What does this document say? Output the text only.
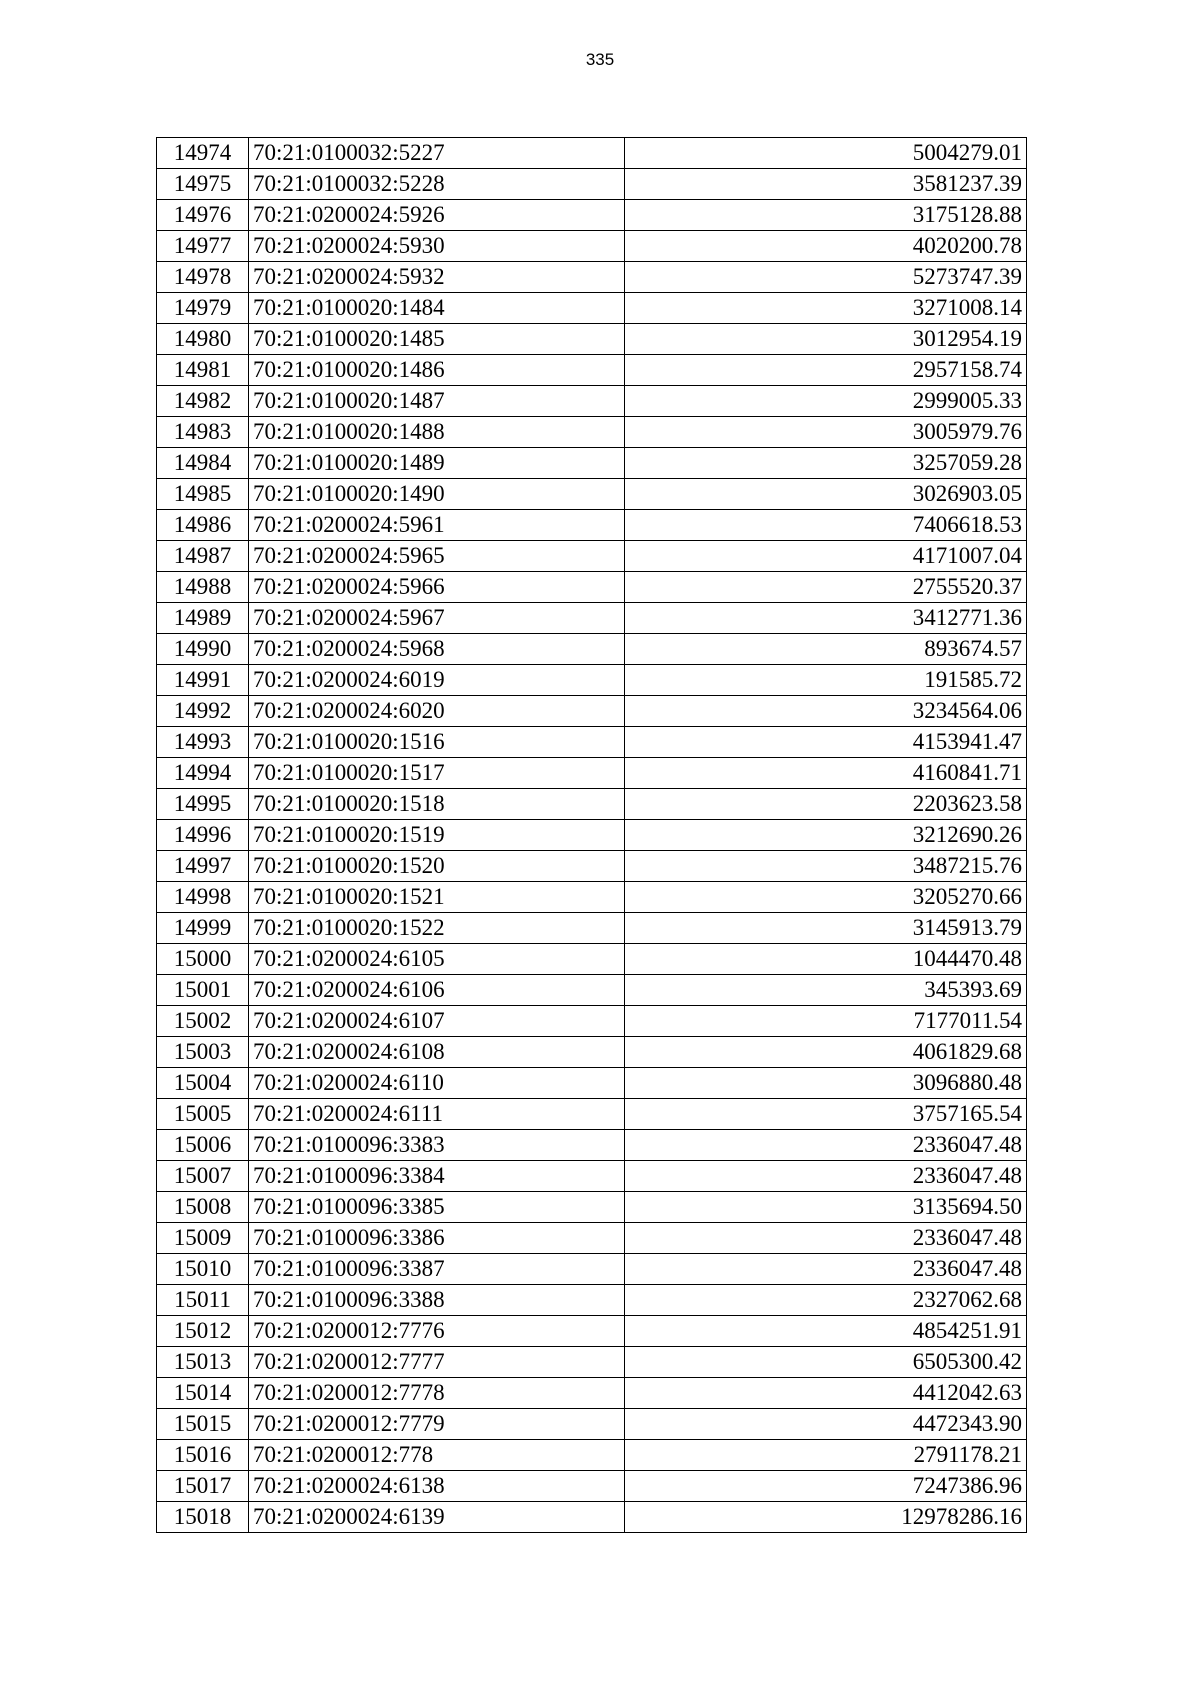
335
14974	70:21:0100032:5227	5004279.01
14975	70:21:0100032:5228	3581237.39
14976	70:21:0200024:5926	3175128.88
14977	70:21:0200024:5930	4020200.78
14978	70:21:0200024:5932	5273747.39
14979	70:21:0100020:1484	3271008.14
14980	70:21:0100020:1485	3012954.19
14981	70:21:0100020:1486	2957158.74
14982	70:21:0100020:1487	2999005.33
14983	70:21:0100020:1488	3005979.76
14984	70:21:0100020:1489	3257059.28
14985	70:21:0100020:1490	3026903.05
14986	70:21:0200024:5961	7406618.53
14987	70:21:0200024:5965	4171007.04
14988	70:21:0200024:5966	2755520.37
14989	70:21:0200024:5967	3412771.36
14990	70:21:0200024:5968	893674.57
14991	70:21:0200024:6019	191585.72
14992	70:21:0200024:6020	3234564.06
14993	70:21:0100020:1516	4153941.47
14994	70:21:0100020:1517	4160841.71
14995	70:21:0100020:1518	2203623.58
14996	70:21:0100020:1519	3212690.26
14997	70:21:0100020:1520	3487215.76
14998	70:21:0100020:1521	3205270.66
14999	70:21:0100020:1522	3145913.79
15000	70:21:0200024:6105	1044470.48
15001	70:21:0200024:6106	345393.69
15002	70:21:0200024:6107	7177011.54
15003	70:21:0200024:6108	4061829.68
15004	70:21:0200024:6110	3096880.48
15005	70:21:0200024:6111	3757165.54
15006	70:21:0100096:3383	2336047.48
15007	70:21:0100096:3384	2336047.48
15008	70:21:0100096:3385	3135694.50
15009	70:21:0100096:3386	2336047.48
15010	70:21:0100096:3387	2336047.48
15011	70:21:0100096:3388	2327062.68
15012	70:21:0200012:7776	4854251.91
15013	70:21:0200012:7777	6505300.42
15014	70:21:0200012:7778	4412042.63
15015	70:21:0200012:7779	4472343.90
15016	70:21:0200012:778	2791178.21
15017	70:21:0200024:6138	7247386.96
15018	70:21:0200024:6139	12978286.16
